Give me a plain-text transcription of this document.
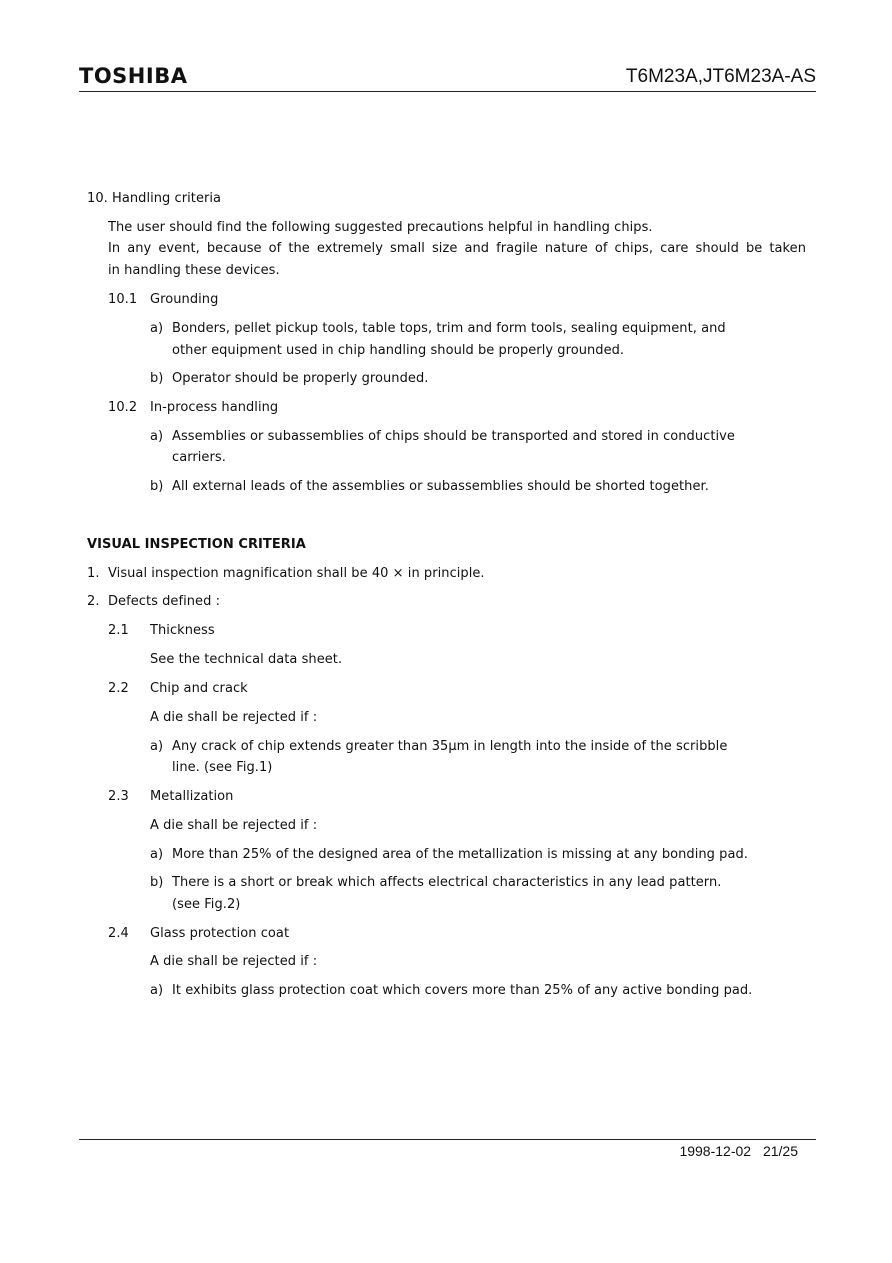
TOSHIBA	T6M23A,JT6M23A-AS
10. Handling criteria
The user should find the following suggested precautions helpful in handling chips.
In any event, because of the extremely small size and fragile nature of chips, care should be taken
in handling these devices.
10.1 Grounding
a) Bonders, pellet pickup tools, table tops, trim and form tools, sealing equipment, and
other equipment used in chip handling should be properly grounded.
b) Operator should be properly grounded.
10.2 In-process handling
a) Assemblies or subassemblies of chips should be transported and stored in conductive
carriers.
b) All external leads of the assemblies or subassemblies should be shorted together.
VISUAL INSPECTION CRITERIA
1. Visual inspection magnification shall be 40 × in principle.
2. Defects defined :
2.1 Thickness
See the technical data sheet.
2.2 Chip and crack
A die shall be rejected if :
a) Any crack of chip extends greater than 35μm in length into the inside of the scribble
line. (see Fig.1)
2.3 Metallization
A die shall be rejected if :
a) More than 25% of the designed area of the metallization is missing at any bonding pad.
b) There is a short or break which affects electrical characteristics in any lead pattern.
(see Fig.2)
2.4 Glass protection coat
A die shall be rejected if :
a) It exhibits glass protection coat which covers more than 25% of any active bonding pad.
1998-12-02 21/25
